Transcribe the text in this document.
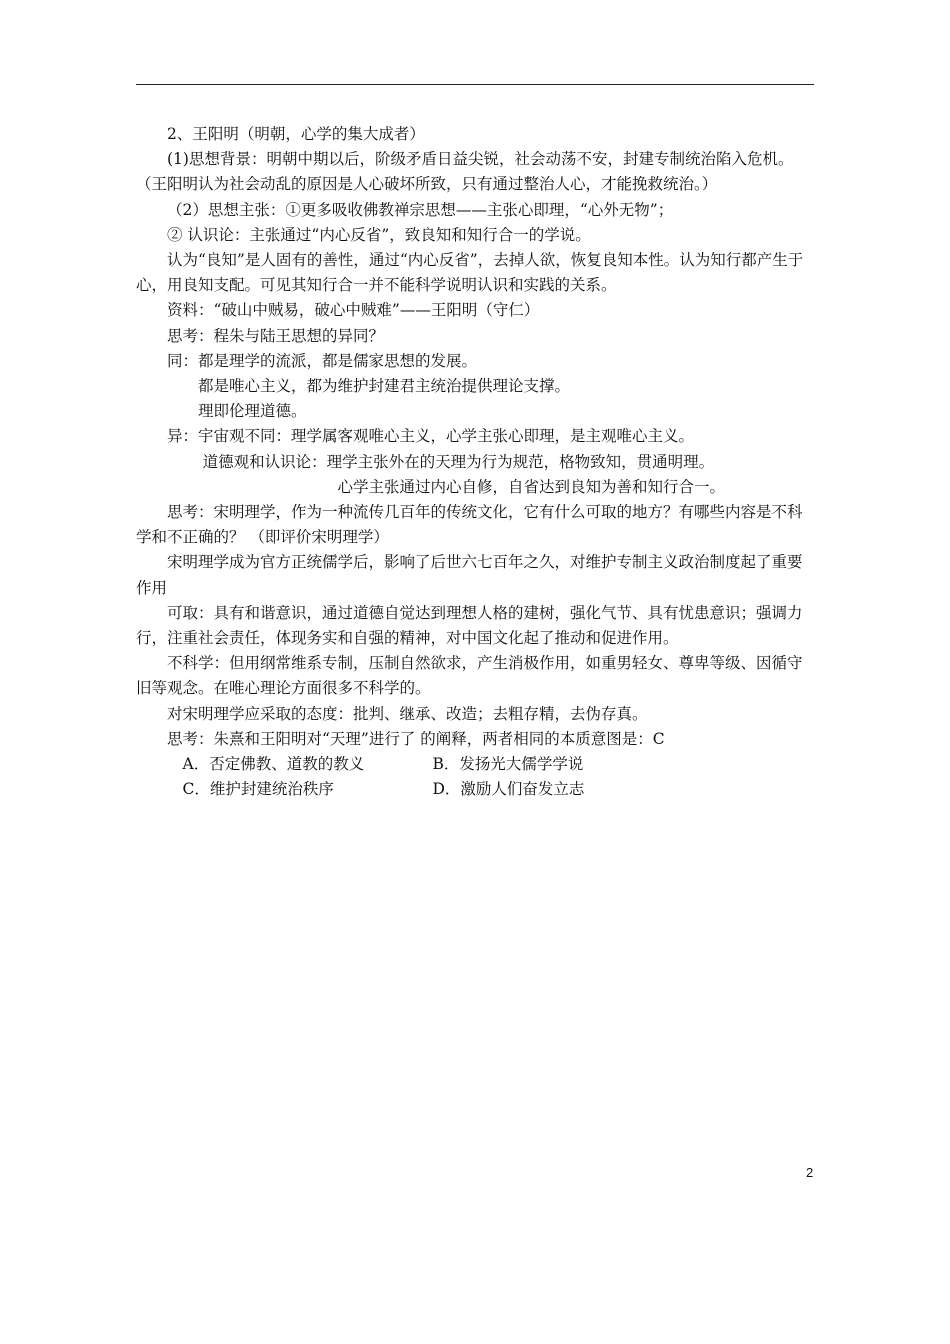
2、王阳明（明朝，心学的集大成者）

(1)思想背景：明朝中期以后，阶级矛盾日益尖锐，社会动荡不安，封建专制统治陷入危机。（王阳明认为社会动乱的原因是人心破坏所致，只有通过整治人心，才能挽救统治。）

（2）思想主张：①更多吸收佛教禅宗思想——主张心即理，“心外无物”；

② 认识论：主张通过“内心反省”，致良知和知行合一的学说。

认为“良知”是人固有的善性，通过“内心反省”，去掉人欲，恢复良知本性。认为知行都产生于心，用良知支配。可见其知行合一并不能科学说明认识和实践的关系。

资料：“破山中贼易，破心中贼难”——王阳明（守仁）

思考：程朱与陆王思想的异同？

同：都是理学的流派，都是儒家思想的发展。

都是唯心主义，都为维护封建君主统治提供理论支撑。

理即伦理道德。

异：宇宙观不同：理学属客观唯心主义，心学主张心即理，是主观唯心主义。

道德观和认识论：理学主张外在的天理为行为规范，格物致知，贯通明理。

心学主张通过内心自修，自省达到良知为善和知行合一。

思考：宋明理学，作为一种流传几百年的传统文化，它有什么可取的地方？有哪些内容是不科学和不正确的？ （即评价宋明理学）

宋明理学成为官方正统儒学后，影响了后世六七百年之久，对维护专制主义政治制度起了重要作用

可取：具有和谐意识，通过道德自觉达到理想人格的建树，强化气节、具有忧患意识；强调力行，注重社会责任，体现务实和自强的精神，对中国文化起了推动和促进作用。

不科学：但用纲常维系专制，压制自然欲求，产生消极作用，如重男轻女、尊卑等级、因循守旧等观念。在唯心理论方面很多不科学的。

对宋明理学应采取的态度：批判、继承、改造；去粗存精，去伪存真。

思考：朱熹和王阳明对“天理”进行了 的阐释，两者相同的本质意图是：C

A．否定佛教、道教的教义	B．发扬光大儒学学说
C．维护封建统治秩序	D．激励人们奋发立志
2
